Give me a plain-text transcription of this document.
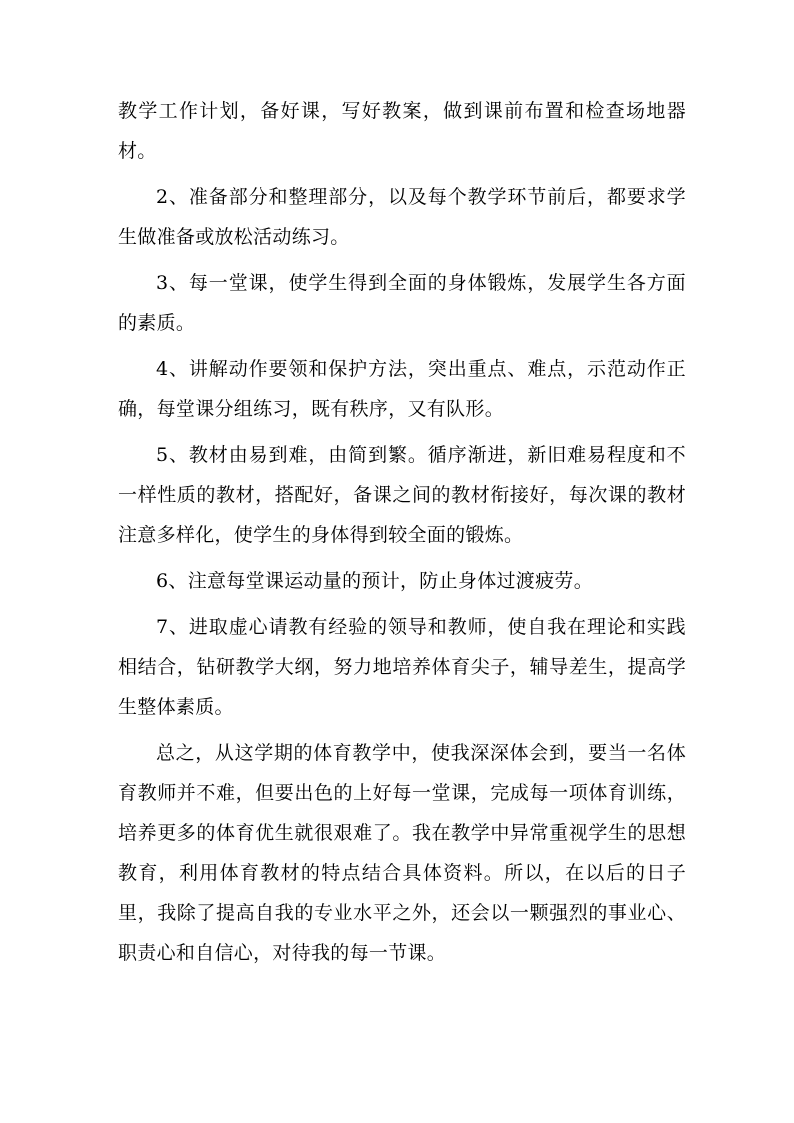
教学工作计划，备好课，写好教案，做到课前布置和检查场地器材。

2、准备部分和整理部分，以及每个教学环节前后，都要求学生做准备或放松活动练习。

3、每一堂课，使学生得到全面的身体锻炼，发展学生各方面的素质。

4、讲解动作要领和保护方法，突出重点、难点，示范动作正确，每堂课分组练习，既有秩序，又有队形。

5、教材由易到难，由简到繁。循序渐进，新旧难易程度和不一样性质的教材，搭配好，备课之间的教材衔接好，每次课的教材注意多样化，使学生的身体得到较全面的锻炼。

6、注意每堂课运动量的预计，防止身体过渡疲劳。

7、进取虚心请教有经验的领导和教师，使自我在理论和实践相结合，钻研教学大纲，努力地培养体育尖子，辅导差生，提高学生整体素质。

总之，从这学期的体育教学中，使我深深体会到，要当一名体育教师并不难，但要出色的上好每一堂课，完成每一项体育训练，培养更多的体育优生就很艰难了。我在教学中异常重视学生的思想教育，利用体育教材的特点结合具体资料。所以，在以后的日子里，我除了提高自我的专业水平之外，还会以一颗强烈的事业心、职责心和自信心，对待我的每一节课。
